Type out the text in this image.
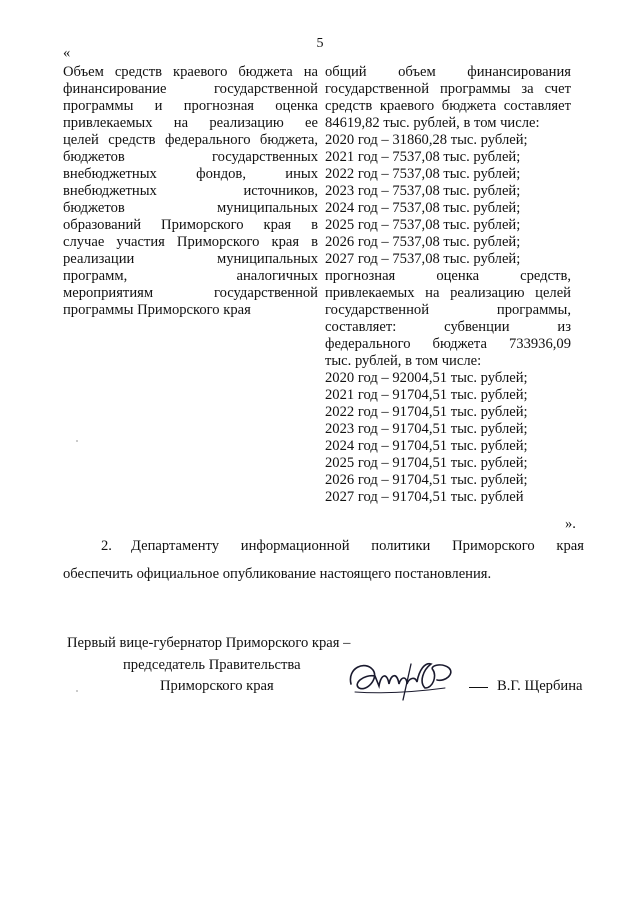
5
«
Объем средств краевого бюджета на
финансирование государственной
программы и прогнозная оценка
привлекаемых на реализацию ее
целей средств федерального бюджета,
бюджетов государственных
внебюджетных фондов, иных
внебюджетных источников,
бюджетов муниципальных
образований Приморского края в
случае участия Приморского края в
реализации муниципальных
программ, аналогичных
мероприятиям государственной
программы Приморского края
общий объем финансирования
государственной программы за счет
средств краевого бюджета составляет
84619,82 тыс. рублей, в том числе:
2020 год – 31860,28 тыс. рублей;
2021 год – 7537,08 тыс. рублей;
2022 год – 7537,08 тыс. рублей;
2023 год – 7537,08 тыс. рублей;
2024 год – 7537,08 тыс. рублей;
2025 год – 7537,08 тыс. рублей;
2026 год – 7537,08 тыс. рублей;
2027 год – 7537,08 тыс. рублей;
прогнозная оценка средств,
привлекаемых на реализацию целей
государственной программы,
составляет: субвенции из
федерального бюджета 733936,09
тыс. рублей, в том числе:
2020 год – 92004,51 тыс. рублей;
2021 год – 91704,51 тыс. рублей;
2022 год – 91704,51 тыс. рублей;
2023 год – 91704,51 тыс. рублей;
2024 год – 91704,51 тыс. рублей;
2025 год – 91704,51 тыс. рублей;
2026 год – 91704,51 тыс. рублей;
2027 год – 91704,51 тыс. рублей
».
2. Департаменту информационной политики Приморского края
обеспечить официальное опубликование настоящего постановления.
Первый вице-губернатор Приморского края –
председатель Правительства
Приморского края	В.Г. Щербина
